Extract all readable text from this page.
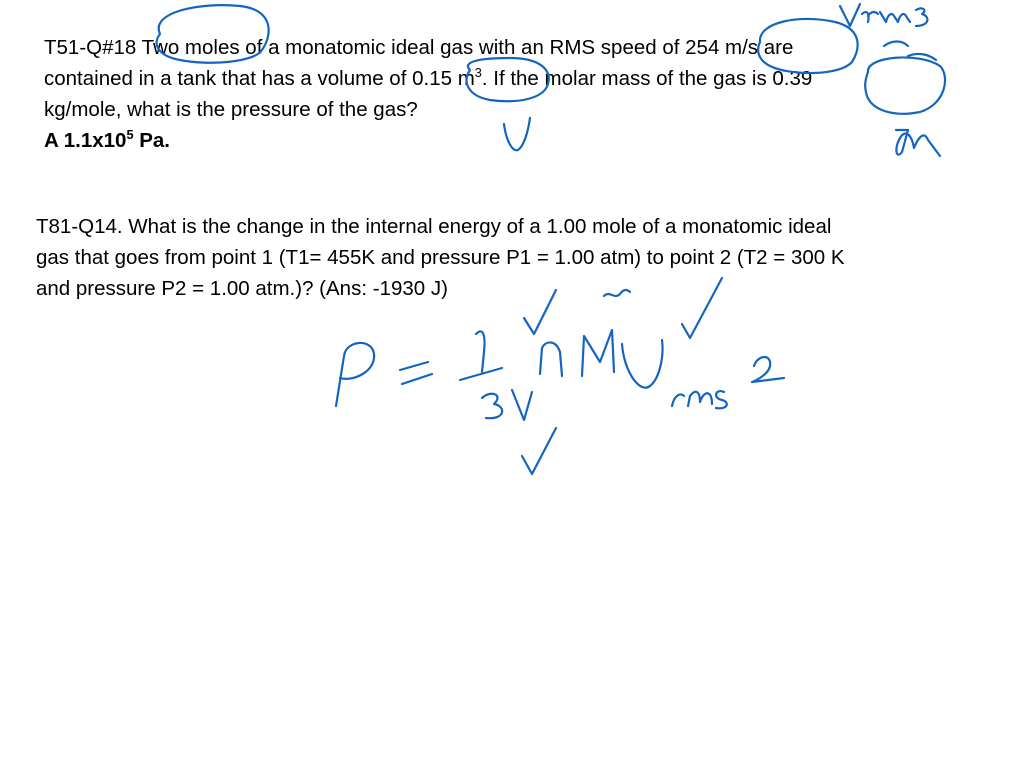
T51-Q#18 Two moles of a monatomic ideal gas with an RMS speed of 254 m/s are
contained in a tank that has a volume of 0.15 $m^3$. If the molar mass of the gas is 0.39
kg/mole, what is the pressure of the gas?
A $1.1x10^5$ Pa.
T81-Q14. What is the change in the internal energy of a 1.00 mole of a monatomic ideal
gas that goes from point 1 (T1= 455K and pressure P1 = 1.00 atm) to point 2 (T2 = 300 K
and pressure P2 = 1.00 atm.)? (Ans: -1930 J)
